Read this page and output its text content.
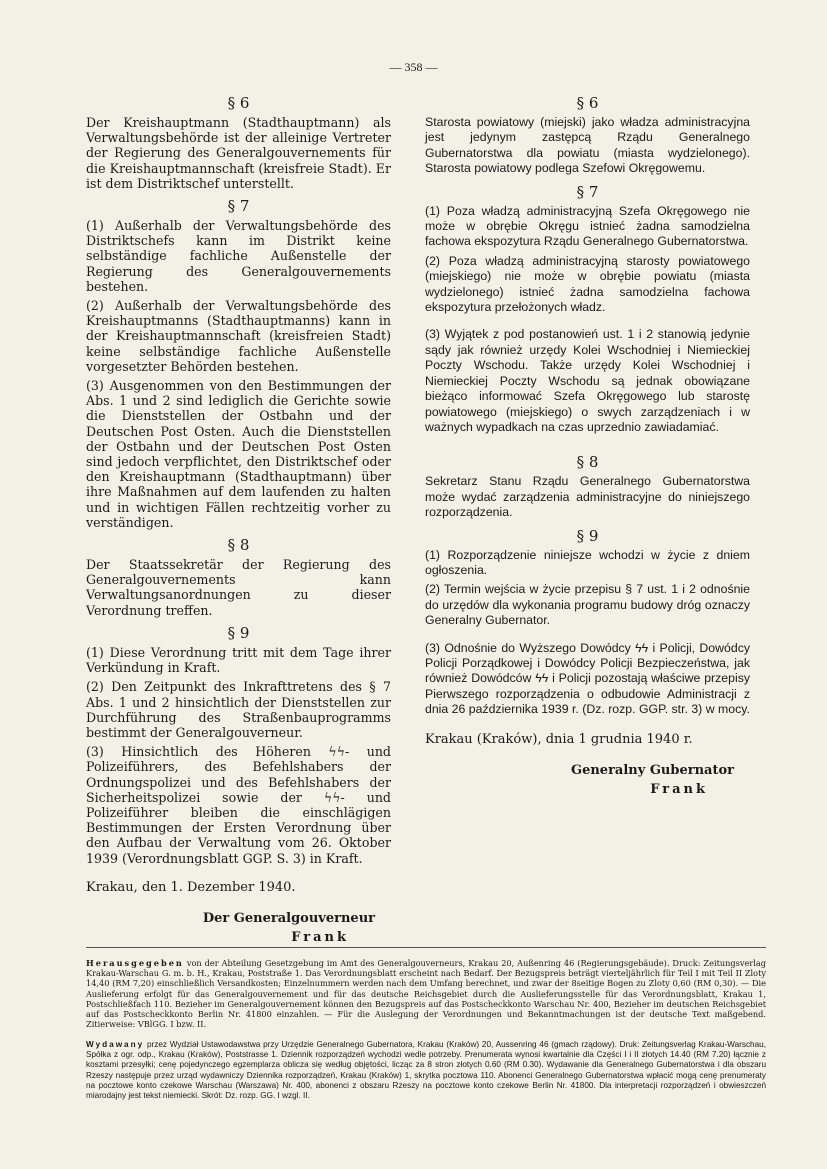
— 358 —
§ 6

Der Kreishauptmann (Stadthauptmann) als Verwaltungsbehörde ist der alleinige Vertreter der Regierung des Generalgouvernements für die Kreishauptmannschaft (kreisfreie Stadt). Er ist dem Distriktschef unterstellt.

§ 7

(1) Außerhalb der Verwaltungsbehörde des Distriktschefs kann im Distrikt keine selbständige fachliche Außenstelle der Regierung des Generalgouvernements bestehen.

(2) Außerhalb der Verwaltungsbehörde des Kreishauptmanns (Stadthauptmanns) kann in der Kreishauptmannschaft (kreisfreien Stadt) keine selbständige fachliche Außenstelle vorgesetzter Behörden bestehen.

(3) Ausgenommen von den Bestimmungen der Abs. 1 und 2 sind lediglich die Gerichte sowie die Dienststellen der Ostbahn und der Deutschen Post Osten. Auch die Dienststellen der Ostbahn und der Deutschen Post Osten sind jedoch verpflichtet, den Distriktschef oder den Kreishauptmann (Stadthauptmann) über ihre Maßnahmen auf dem laufenden zu halten und in wichtigen Fällen rechtzeitig vorher zu verständigen.

§ 8

Der Staatssekretär der Regierung des Generalgouvernements kann Verwaltungsanordnungen zu dieser Verordnung treffen.

§ 9

(1) Diese Verordnung tritt mit dem Tage ihrer Verkündung in Kraft.

(2) Den Zeitpunkt des Inkrafttretens des § 7 Abs. 1 und 2 hinsichtlich der Dienststellen zur Durchführung des Straßenbauprogramms bestimmt der Generalgouverneur.

(3) Hinsichtlich des Höheren ϟϟ- und Polizeiführers, des Befehlshabers der Ordnungspolizei und des Befehlshabers der Sicherheitspolizei sowie der ϟϟ- und Polizeiführer bleiben die einschlägigen Bestimmungen der Ersten Verordnung über den Aufbau der Verwaltung vom 26. Oktober 1939 (Verordnungsblatt GGP. S. 3) in Kraft.

Krakau, den 1. Dezember 1940.
Der Generalgouverneur
Frank
§ 6

Starosta powiatowy (miejski) jako władza administracyjna jest jedynym zastępcą Rządu Generalnego Gubernatorstwa dla powiatu (miasta wydzielonego). Starosta powiatowy podlega Szefowi Okręgowemu.

§ 7

(1) Poza władzą administracyjną Szefa Okręgowego nie może w obrębie Okręgu istnieć żadna samodzielna fachowa ekspozytura Rządu Generalnego Gubernatorstwa.

(2) Poza władzą administracyjną starosty powiatowego (miejskiego) nie może w obrębie powiatu (miasta wydzielonego) istnieć żadna samodzielna fachowa ekspozytura przełożonych władz.

(3) Wyjątek z pod postanowień ust. 1 i 2 stanowią jedynie sądy jak również urzędy Kolei Wschodniej i Niemieckiej Poczty Wschodu. Także urzędy Kolei Wschodniej i Niemieckiej Poczty Wschodu są jednak obowiązane bieżąco informować Szefa Okręgowego lub starostę powiatowego (miejskiego) o swych zarządzeniach i w ważnych wypadkach na czas uprzednio zawiadamiać.

§ 8

Sekretarz Stanu Rządu Generalnego Gubernatorstwa może wydać zarządzenia administracyjne do niniejszego rozporządzenia.

§ 9

(1) Rozporządzenie niniejsze wchodzi w życie z dniem ogłoszenia.

(2) Termin wejścia w życie przepisu § 7 ust. 1 i 2 odnośnie do urzędów dla wykonania programu budowy dróg oznaczy Generalny Gubernator.

(3) Odnośnie do Wyższego Dowódcy ϟϟ i Policji, Dowódcy Policji Porządkowej i Dowódcy Policji Bezpieczeństwa, jak również Dowódców ϟϟ i Policji pozostają właściwe przepisy Pierwszego rozporządzenia o odbudowie Administracji z dnia 26 października 1939 r. (Dz. rozp. GGP. str. 3) w mocy.

Krakau (Kraków), dnia 1 grudnia 1940 r.
Generalny Gubernator
Frank
Herausgegeben von der Abteilung Gesetzgebung im Amt des Generalgouverneurs, Krakau 20, Außenring 46 (Regierungsgebäude). Druck: Zeitungsverlag Krakau-Warschau G. m. b. H., Krakau, Poststraße 1. Das Verordnungsblatt erscheint nach Bedarf. Der Bezugspreis beträgt vierteljährlich für Teil I mit Teil II Zloty 14,40 (RM 7,20) einschließlich Versandkosten; Einzelnummern werden nach dem Umfang berechnet, und zwar der 8seitige Bogen zu Zloty 0,60 (RM 0,30). — Die Auslieferung erfolgt für das Generalgouvernement und für das deutsche Reichsgebiet durch die Auslieferungsstelle für das Verordnungsblatt, Krakau 1, Postschließfach 110. Bezieher im Generalgouvernement können den Bezugspreis auf das Postscheckkonto Warschau Nr. 400, Bezieher im deutschen Reichsgebiet auf das Postscheckkonto Berlin Nr. 41800 einzahlen. — Für die Auslegung der Verordnungen und Bekanntmachungen ist der deutsche Text maßgebend. Zitierweise: VBlGG. I bzw. II.
Wydawany przez Wydział Ustawodawstwa przy Urzędzie Generalnego Gubernatora, Krakau (Kraków) 20, Aussenring 46 (gmach rządowy). Druk: Zeitungsverlag Krakau-Warschau, Spółka z ogr. odp., Krakau (Kraków), Poststrasse 1. Dziennik rozporządzeń wychodzi wedle potrzeby. Prenumerata wynosi kwartalnie dla Części I i II złotych 14.40 (RM 7.20) łącznie z kosztami przesyłki; cenę pojedynczego egzemplarza oblicza się według objętości, licząc za 8 stron złotych 0.60 (RM 0.30). Wydawanie dla Generalnego Gubernatorstwa i dla obszaru Rzeszy następuje przez urząd wydawniczy Dziennika rozporządzeń, Krakau (Kraków) 1, skrytka pocztowa 110. Abonenci Generalnego Gubernatorstwa wpłacić mogą cenę prenumeraty na pocztowe konto czekowe Warschau (Warszawa) Nr. 400, abonenci z obszaru Rzeszy na pocztowe konto czekowe Berlin Nr. 41800. Dla interpretacji rozporządzeń i obwieszczeń miarodajny jest tekst niemiecki. Skrót: Dz. rozp. GG. I wzgl. II.
